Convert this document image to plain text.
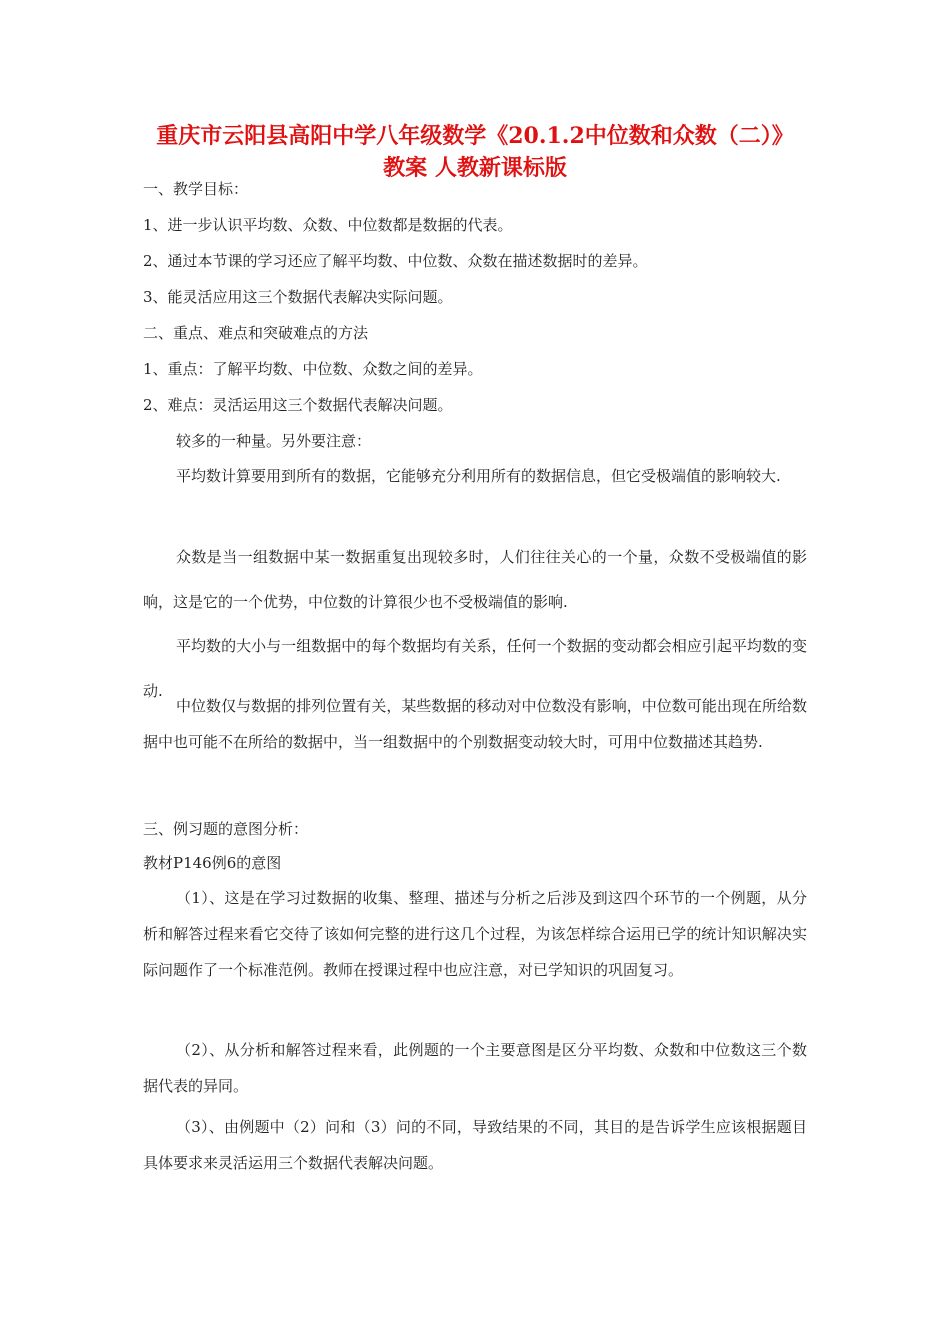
重庆市云阳县高阳中学八年级数学《20.1.2中位数和众数（二）》
教案 人教新课标版
一、教学目标：
1、进一步认识平均数、众数、中位数都是数据的代表。
2、通过本节课的学习还应了解平均数、中位数、众数在描述数据时的差异。
3、能灵活应用这三个数据代表解决实际问题。
二、重点、难点和突破难点的方法
1、重点：了解平均数、中位数、众数之间的差异。
2、难点：灵活运用这三个数据代表解决问题。
较多的一种量。另外要注意：
平均数计算要用到所有的数据，它能够充分利用所有的数据信息，但它受极端值的影响较大.
众数是当一组数据中某一数据重复出现较多时，人们往往关心的一个量，众数不受极端值的影响，这是它的一个优势，中位数的计算很少也不受极端值的影响.
平均数的大小与一组数据中的每个数据均有关系，任何一个数据的变动都会相应引起平均数的变动.
中位数仅与数据的排列位置有关，某些数据的移动对中位数没有影响，中位数可能出现在所给数据中也可能不在所给的数据中，当一组数据中的个别数据变动较大时，可用中位数描述其趋势.
三、例习题的意图分析：
教材P146例6的意图
（1）、这是在学习过数据的收集、整理、描述与分析之后涉及到这四个环节的一个例题，从分析和解答过程来看它交待了该如何完整的进行这几个过程，为该怎样综合运用已学的统计知识解决实际问题作了一个标准范例。教师在授课过程中也应注意，对已学知识的巩固复习。
（2）、从分析和解答过程来看，此例题的一个主要意图是区分平均数、众数和中位数这三个数据代表的异同。
（3）、由例题中（2）问和（3）问的不同，导致结果的不同，其目的是告诉学生应该根据题目具体要求来灵活运用三个数据代表解决问题。
